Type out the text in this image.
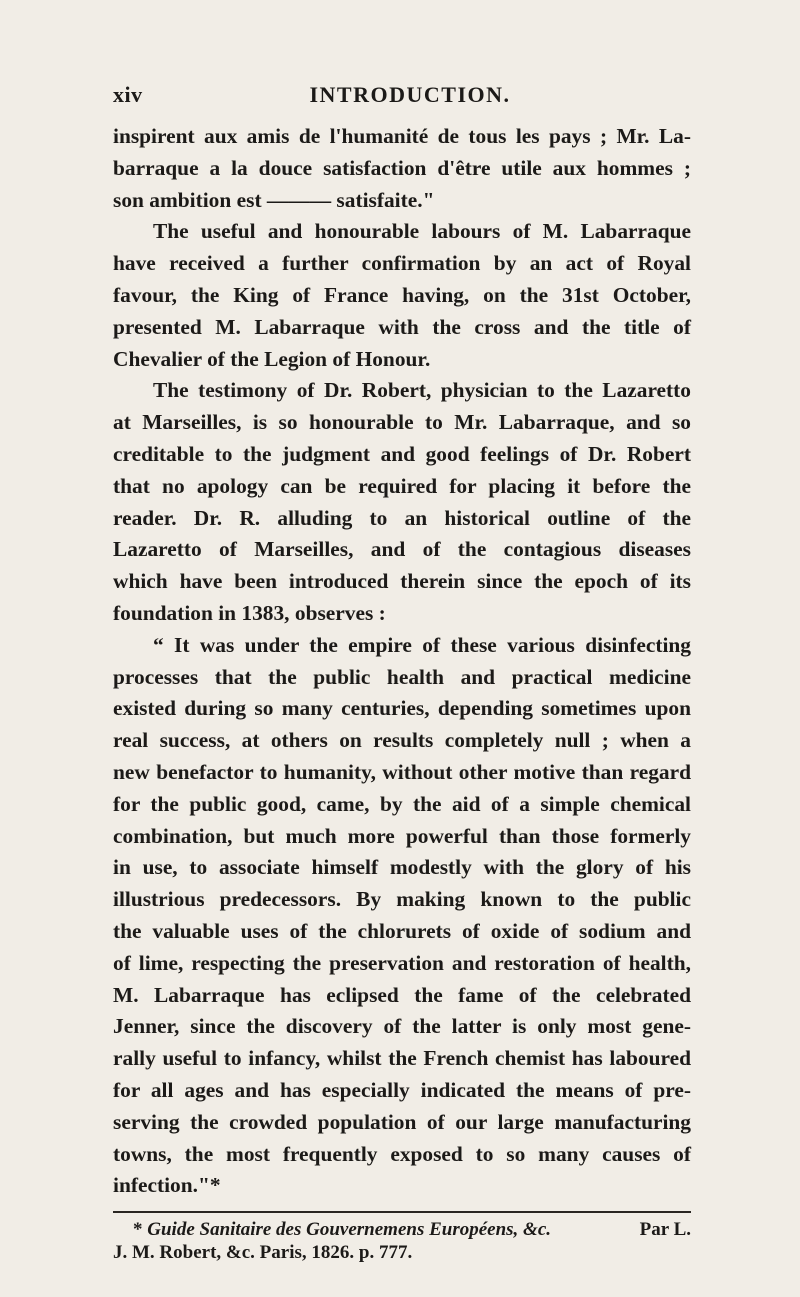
xiv	INTRODUCTION.
inspirent aux amis de l'humanité de tous les pays ; Mr. La-
barraque a la douce satisfaction d'être utile aux hommes ;
son ambition est ——— satisfaite."
The useful and honourable labours of M. Labarraque
have received a further confirmation by an act of Royal
favour, the King of France having, on the 31st October,
presented M. Labarraque with the cross and the title of
Chevalier of the Legion of Honour.
The testimony of Dr. Robert, physician to the Lazaretto
at Marseilles, is so honourable to Mr. Labarraque, and so
creditable to the judgment and good feelings of Dr. Robert
that no apology can be required for placing it before the
reader. Dr. R. alluding to an historical outline of the
Lazaretto of Marseilles, and of the contagious diseases
which have been introduced therein since the epoch of its
foundation in 1383, observes :
“ It was under the empire of these various disinfecting
processes that the public health and practical medicine
existed during so many centuries, depending sometimes upon
real success, at others on results completely null ; when a
new benefactor to humanity, without other motive than regard
for the public good, came, by the aid of a simple chemical
combination, but much more powerful than those formerly
in use, to associate himself modestly with the glory of his
illustrious predecessors. By making known to the public
the valuable uses of the chlorurets of oxide of sodium and
of lime, respecting the preservation and restoration of health,
M. Labarraque has eclipsed the fame of the celebrated
Jenner, since the discovery of the latter is only most gene-
rally useful to infancy, whilst the French chemist has laboured
for all ages and has especially indicated the means of pre-
serving the crowded population of our large manufacturing
towns, the most frequently exposed to so many causes of
infection."*
* Guide Sanitaire des Gouvernemens Européens, &c.	Par L.
J. M. Robert, &c. Paris, 1826. p. 777.
